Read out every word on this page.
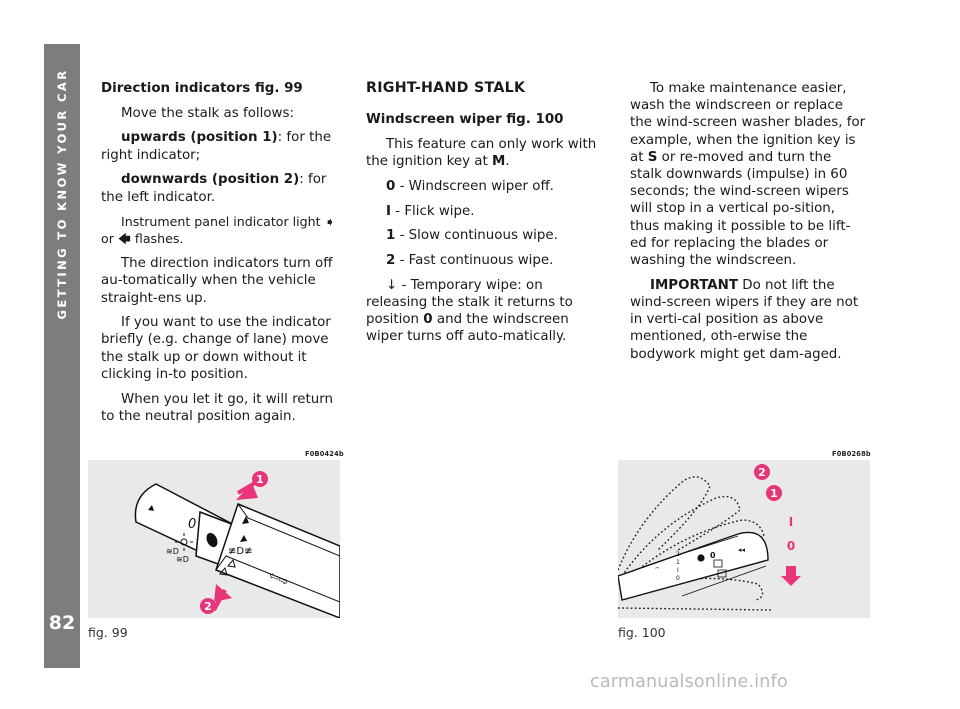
GETTING TO KNOW YOUR CAR
82

Direction indicators fig. 99

Move the stalk as follows:

upwards (position 1): for the right indicator;

downwards (position 2): for the left indicator.

Instrument panel indicator light ➧ or 🡄 flashes.

The direction indicators turn off au-tomatically when the vehicle straight-ens up.

If you want to use the indicator briefly (e.g. change of lane) move the stalk up or down without it clicking in-to position.

When you let it go, it will return to the neutral position again.

RIGHT-HAND STALK

Windscreen wiper fig. 100

This feature can only work with the ignition key at M.

0 - Windscreen wiper off.

I - Flick wipe.

1 - Slow continuous wipe.

2 - Fast continuous wipe.

↓ - Temporary wipe: on releasing the stalk it returns to position 0 and the windscreen wiper turns off auto-matically.

To make maintenance easier, wash the windscreen or replace the wind-screen washer blades, for example, when the ignition key is at S or re-moved and turn the stalk downwards (impulse) in 60 seconds; the wind-screen wipers will stop in a vertical po-sition, thus making it possible to be lift-ed for replacing the blades or washing the windscreen.

IMPORTANT Do not lift the wind-screen wipers if they are not in verti-cal position as above mentioned, oth-erwise the bodywork might get dam-aged.

F0B0424b	F0B0268b
0
≋D
≋D
≢D≢
⇦⇨
1
2
fig. 99
2
1
I
0
0
◂◂
⌔
2
1
I
0
fig. 100
carmanualsonline.info
